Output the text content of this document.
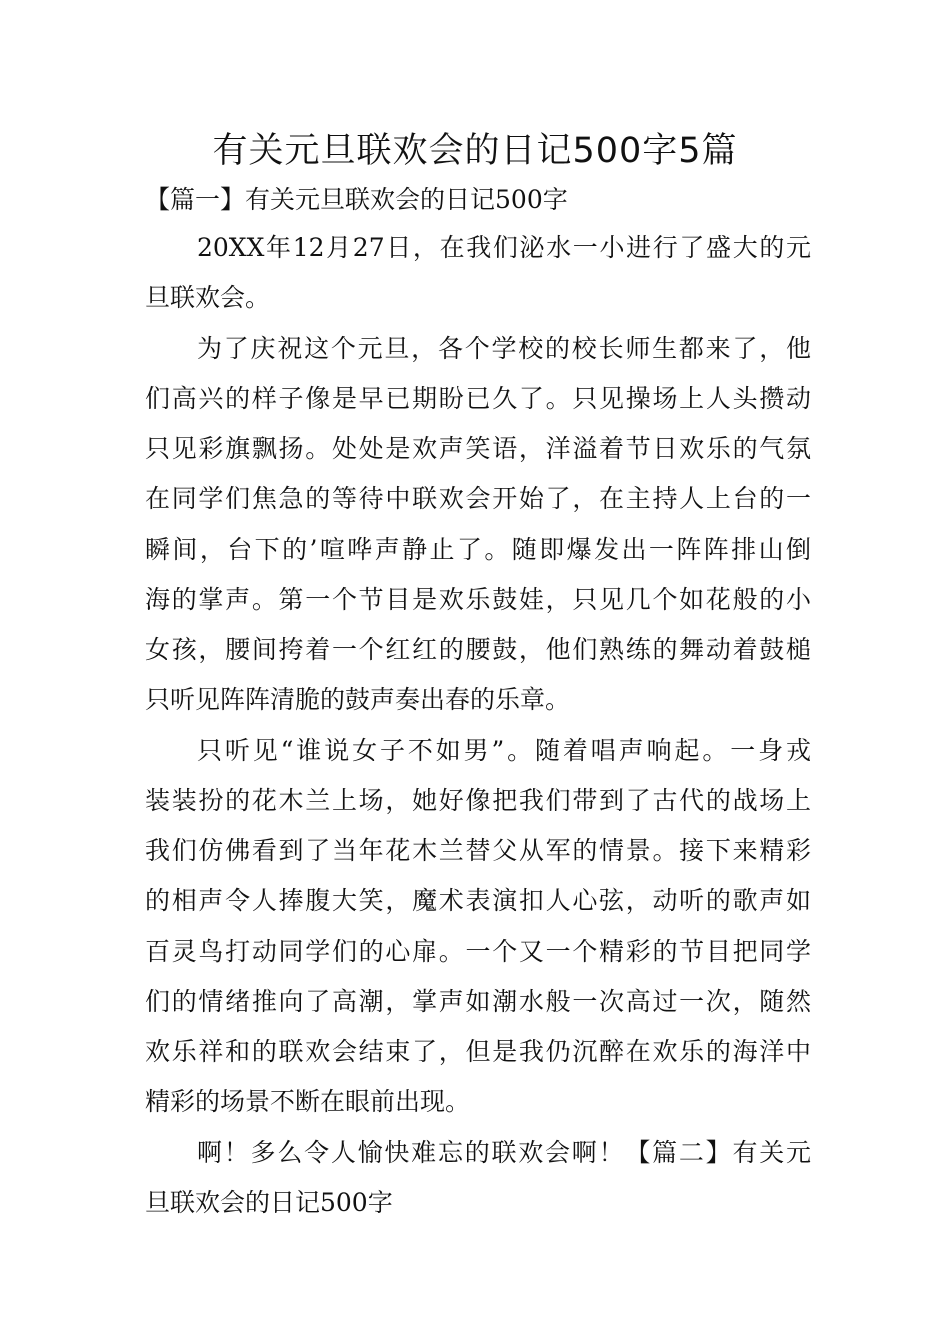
有关元旦联欢会的日记500字5篇
【篇一】有关元旦联欢会的日记500字
20XX年12月27日，在我们泌水一小进行了盛大的元
旦联欢会。
为了庆祝这个元旦，各个学校的校长师生都来了，他
们高兴的样子像是早已期盼已久了。只见操场上人头攒动
只见彩旗飘扬。处处是欢声笑语，洋溢着节日欢乐的气氛
在同学们焦急的等待中联欢会开始了，在主持人上台的一
瞬间，台下的’喧哗声静止了。随即爆发出一阵阵排山倒
海的掌声。第一个节目是欢乐鼓娃，只见几个如花般的小
女孩，腰间挎着一个红红的腰鼓，他们熟练的舞动着鼓槌
只听见阵阵清脆的鼓声奏出春的乐章。
只听见“谁说女子不如男”。随着唱声响起。一身戎
装装扮的花木兰上场，她好像把我们带到了古代的战场上
我们仿佛看到了当年花木兰替父从军的情景。接下来精彩
的相声令人捧腹大笑，魔术表演扣人心弦，动听的歌声如
百灵鸟打动同学们的心扉。一个又一个精彩的节目把同学
们的情绪推向了高潮，掌声如潮水般一次高过一次，随然
欢乐祥和的联欢会结束了，但是我仍沉醉在欢乐的海洋中
精彩的场景不断在眼前出现。
啊！多么令人愉快难忘的联欢会啊！【篇二】有关元
旦联欢会的日记500字
